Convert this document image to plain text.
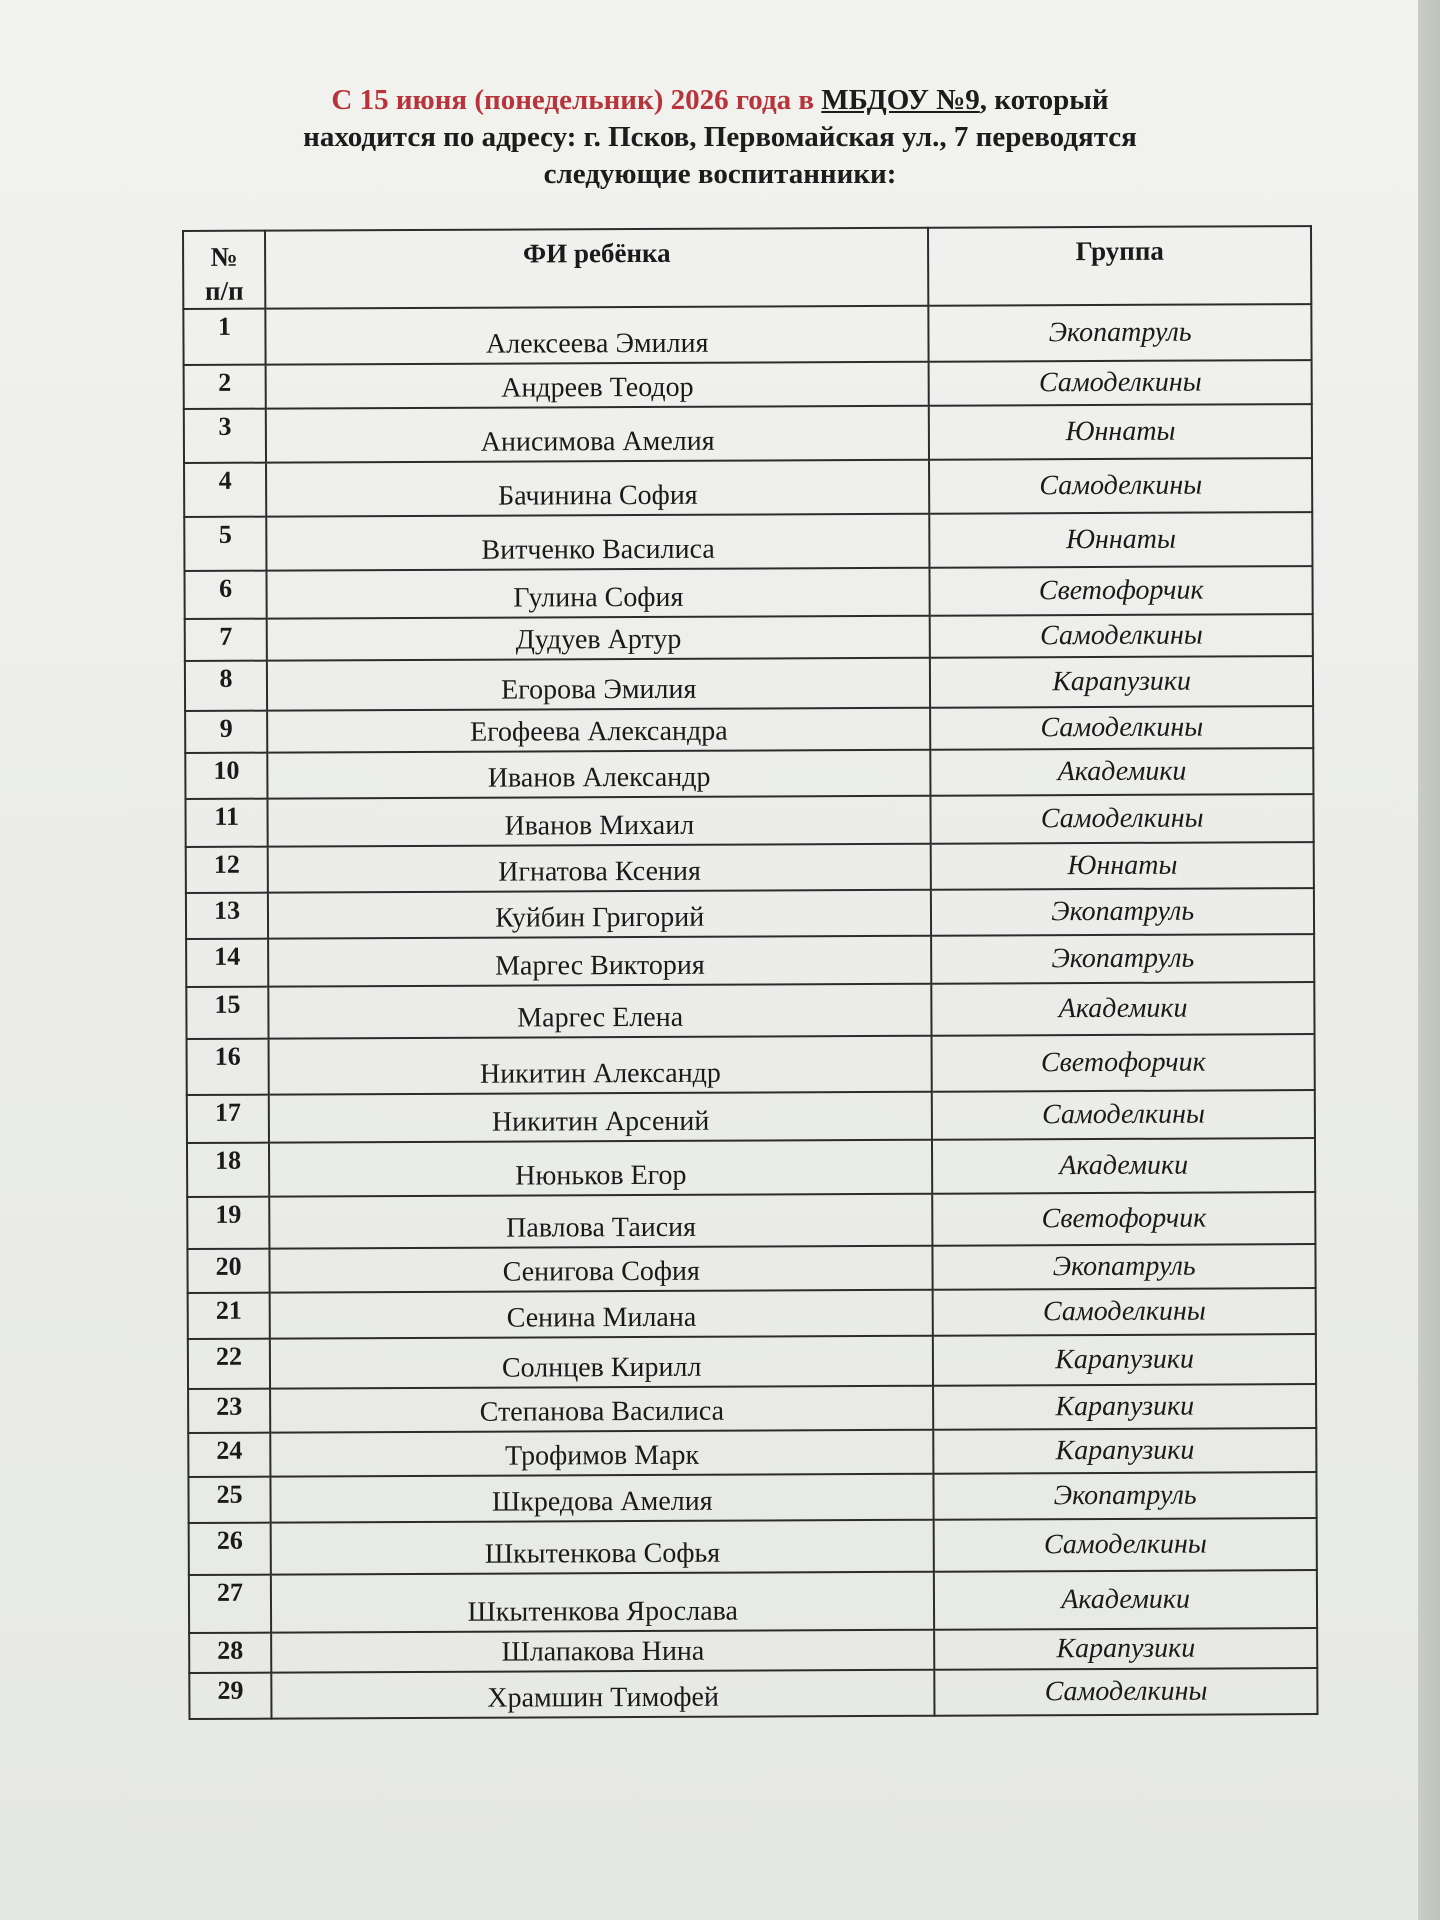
С 15 июня (понедельник) 2026 года в МБДОУ №9, который
находится по адресу: г. Псков, Первомайская ул., 7 переводятся
следующие воспитанники:
№
п/п	ФИ ребёнка	Группа
1	Алексеева Эмилия	Экопатруль
2	Андреев Теодор	Самоделкины
3	Анисимова Амелия	Юннаты
4	Бачинина София	Самоделкины
5	Витченко Василиса	Юннаты
6	Гулина София	Светофорчик
7	Дудуев Артур	Самоделкины
8	Егорова Эмилия	Карапузики
9	Егофеева Александра	Самоделкины
10	Иванов Александр	Академики
11	Иванов Михаил	Самоделкины
12	Игнатова Ксения	Юннаты
13	Куйбин Григорий	Экопатруль
14	Маргес Виктория	Экопатруль
15	Маргес Елена	Академики
16	Никитин Александр	Светофорчик
17	Никитин Арсений	Самоделкины
18	Нюньков Егор	Академики
19	Павлова Таисия	Светофорчик
20	Сенигова София	Экопатруль
21	Сенина Милана	Самоделкины
22	Солнцев Кирилл	Карапузики
23	Степанова Василиса	Карапузики
24	Трофимов Марк	Карапузики
25	Шкредова Амелия	Экопатруль
26	Шкытенкова Софья	Самоделкины
27	Шкытенкова Ярослава	Академики
28	Шлапакова Нина	Карапузики
29	Храмшин Тимофей	Самоделкины
